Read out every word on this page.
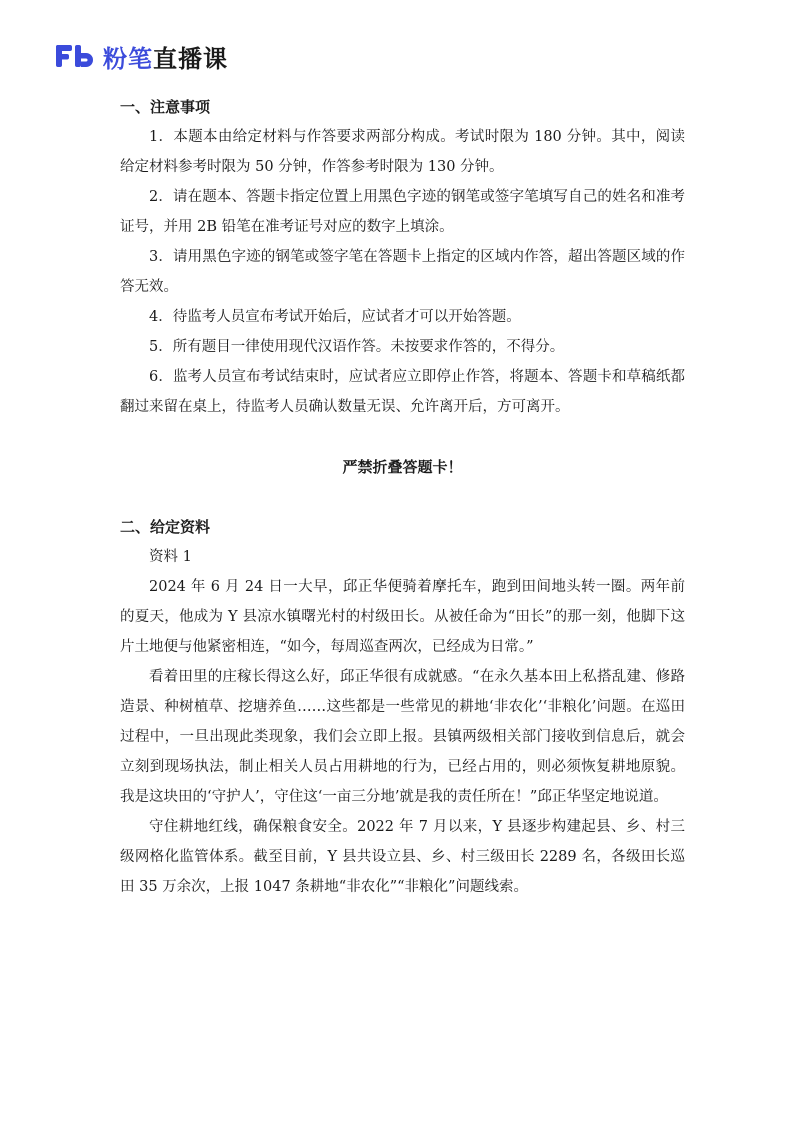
粉笔直播课

一、注意事项

1．本题本由给定材料与作答要求两部分构成。考试时限为 180 分钟。其中，阅读给定材料参考时限为 50 分钟，作答参考时限为 130 分钟。

2．请在题本、答题卡指定位置上用黑色字迹的钢笔或签字笔填写自己的姓名和准考证号，并用 2B 铅笔在准考证号对应的数字上填涂。

3．请用黑色字迹的钢笔或签字笔在答题卡上指定的区域内作答，超出答题区域的作答无效。

4．待监考人员宣布考试开始后，应试者才可以开始答题。

5．所有题目一律使用现代汉语作答。未按要求作答的，不得分。

6．监考人员宣布考试结束时，应试者应立即停止作答，将题本、答题卡和草稿纸都翻过来留在桌上，待监考人员确认数量无误、允许离开后，方可离开。

严禁折叠答题卡！

二、给定资料

资料 1

2024 年 6 月 24 日一大早，邱正华便骑着摩托车，跑到田间地头转一圈。两年前的夏天，他成为 Y 县凉水镇曙光村的村级田长。从被任命为“田长”的那一刻，他脚下这片土地便与他紧密相连，“如今，每周巡查两次，已经成为日常。”

看着田里的庄稼长得这么好，邱正华很有成就感。“在永久基本田上私搭乱建、修路造景、种树植草、挖塘养鱼……这些都是一些常见的耕地‘非农化’‘非粮化’问题。在巡田过程中，一旦出现此类现象，我们会立即上报。县镇两级相关部门接收到信息后，就会立刻到现场执法，制止相关人员占用耕地的行为，已经占用的，则必须恢复耕地原貌。我是这块田的‘守护人’，守住这‘一亩三分地’就是我的责任所在！”邱正华坚定地说道。

守住耕地红线，确保粮食安全。2022 年 7 月以来，Y 县逐步构建起县、乡、村三级网格化监管体系。截至目前，Y 县共设立县、乡、村三级田长 2289 名，各级田长巡田 35 万余次，上报 1047 条耕地“非农化”“非粮化”问题线索。
